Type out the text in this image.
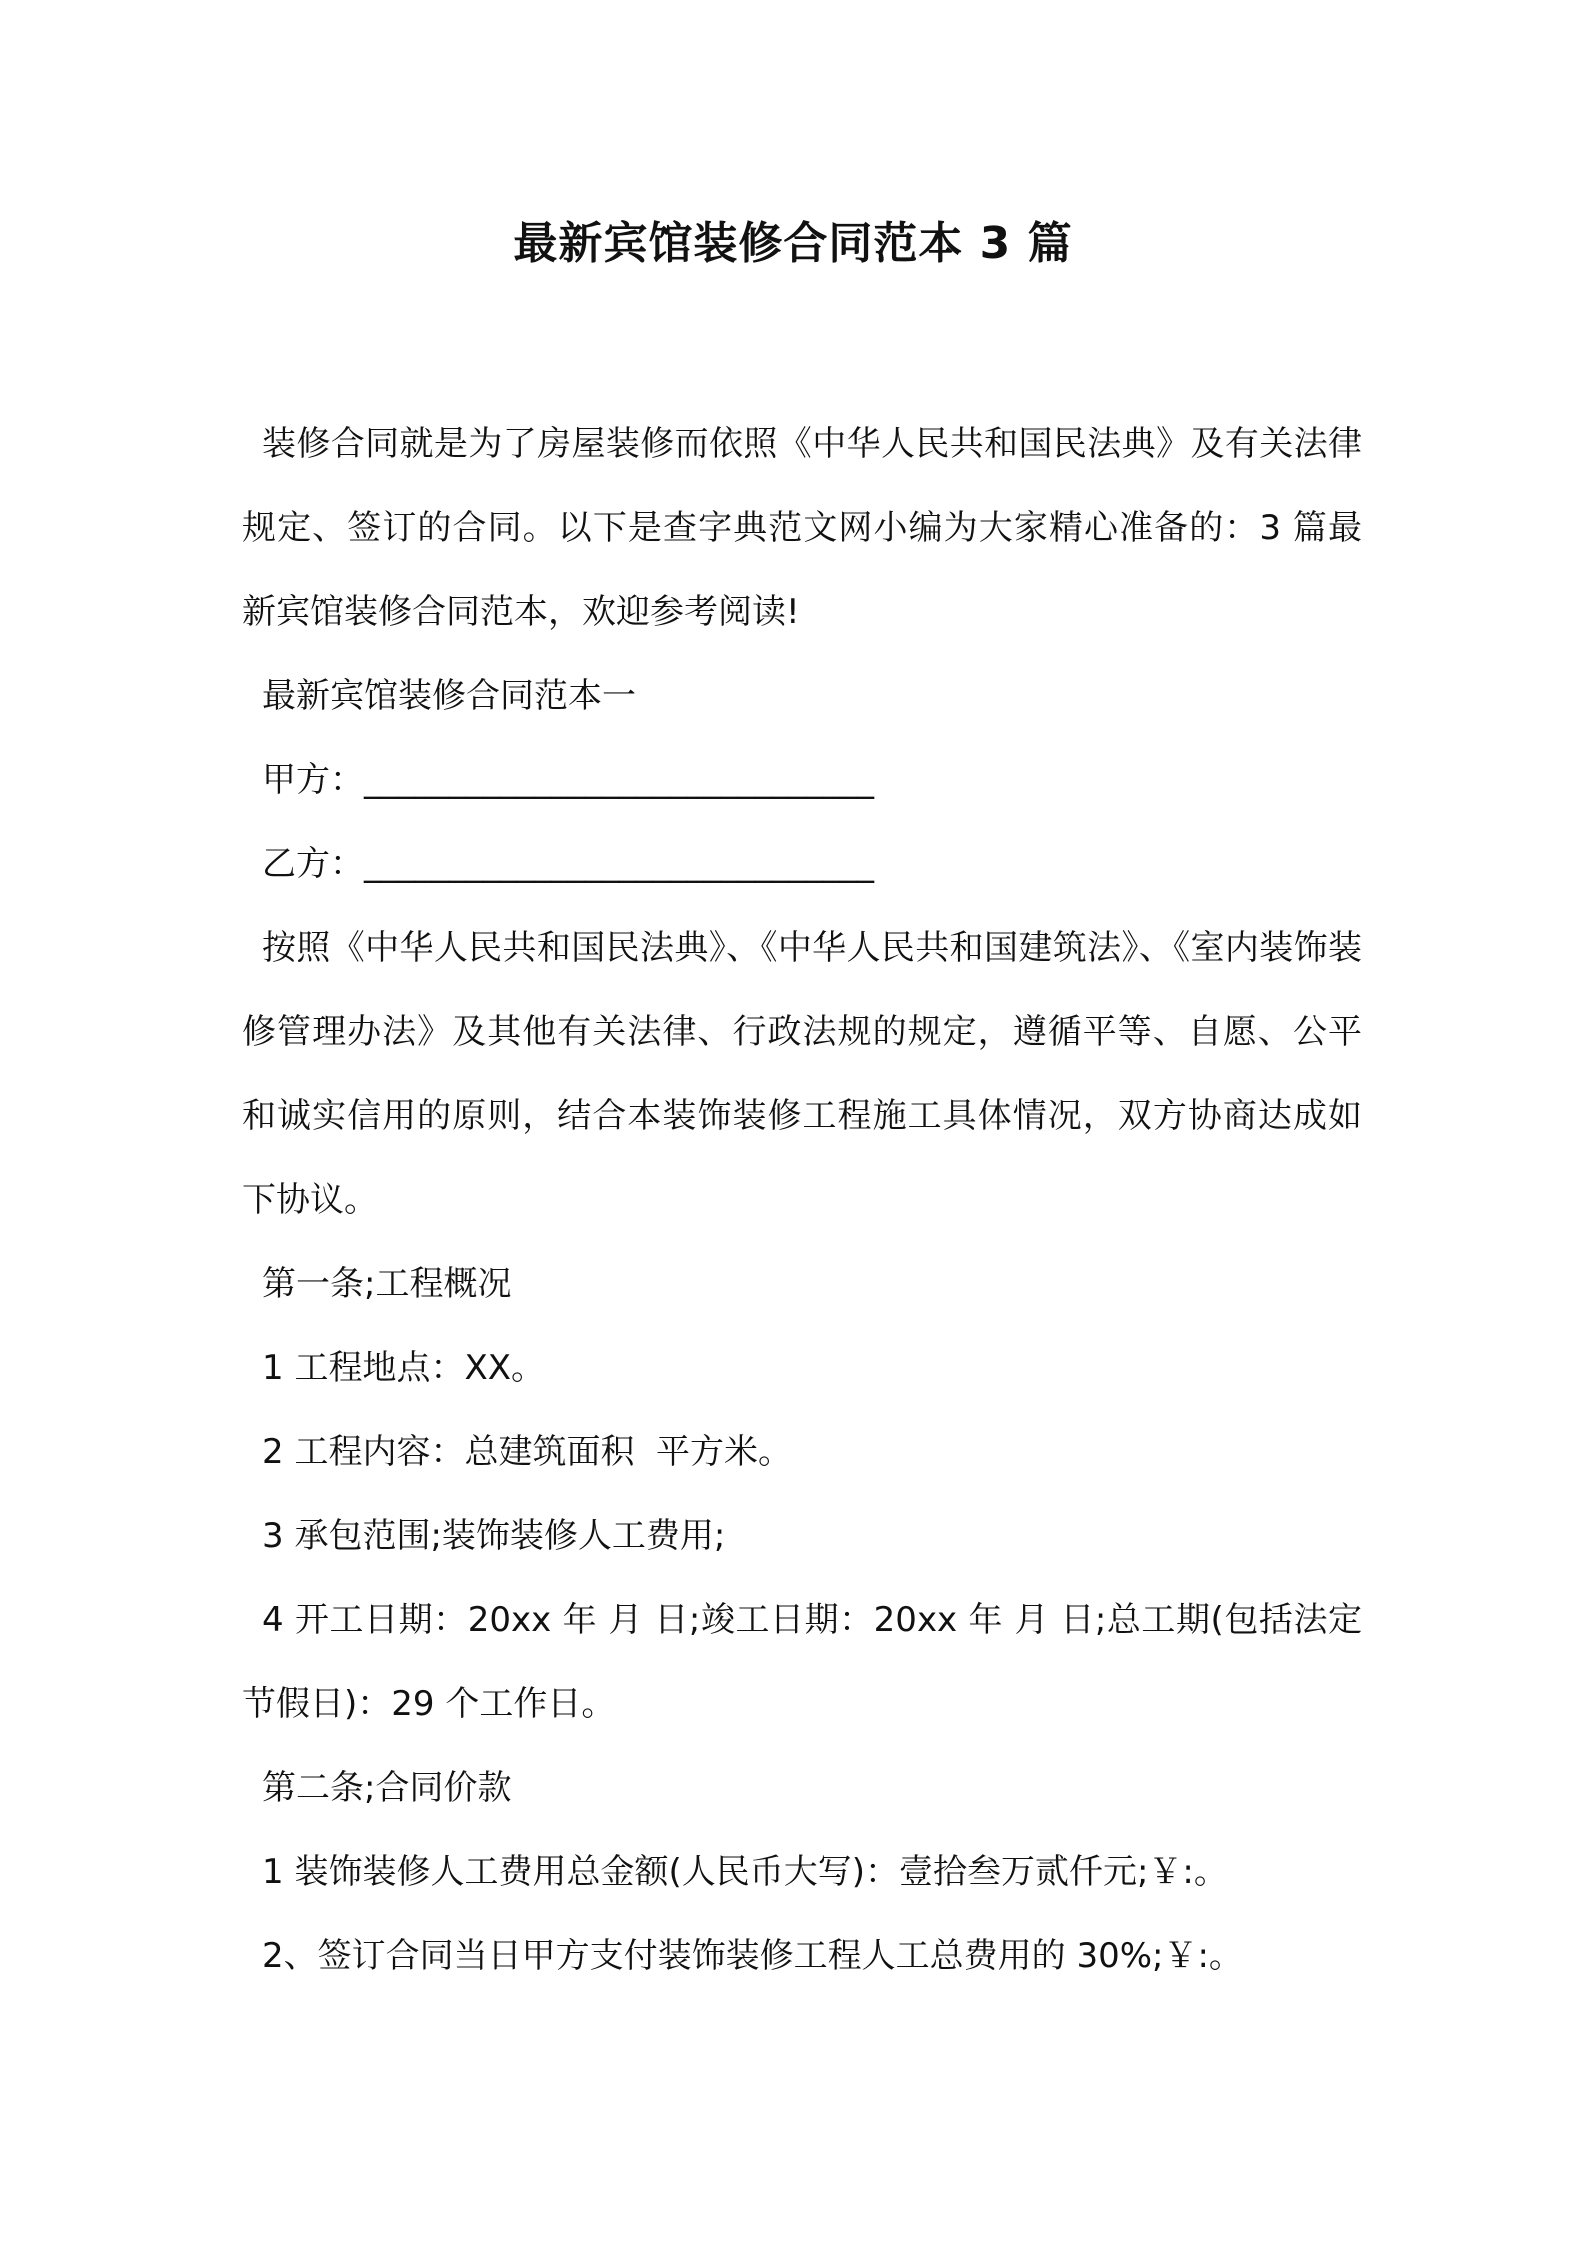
最新宾馆装修合同范本 3 篇

装修合同就是为了房屋装修而依照《中华人民共和国民法典》及有关法律规定、签订的合同。以下是查字典范文网小编为大家精心准备的：3 篇最新宾馆装修合同范本，欢迎参考阅读!

最新宾馆装修合同范本一

甲方：______________________________

乙方：______________________________

按照《中华人民共和国民法典》、《中华人民共和国建筑法》、《室内装饰装修管理办法》及其他有关法律、行政法规的规定，遵循平等、自愿、公平和诚实信用的原则，结合本装饰装修工程施工具体情况，双方协商达成如下协议。

第一条;工程概况

1 工程地点：XX。

2 工程内容：总建筑面积  平方米。

3 承包范围;装饰装修人工费用;

4 开工日期：20xx 年 月 日;竣工日期：20xx 年 月 日;总工期(包括法定节假日)：29 个工作日。

第二条;合同价款

1 装饰装修人工费用总金额(人民币大写)：壹拾叁万贰仟元;￥:。

2、签订合同当日甲方支付装饰装修工程人工总费用的 30%;￥:。
